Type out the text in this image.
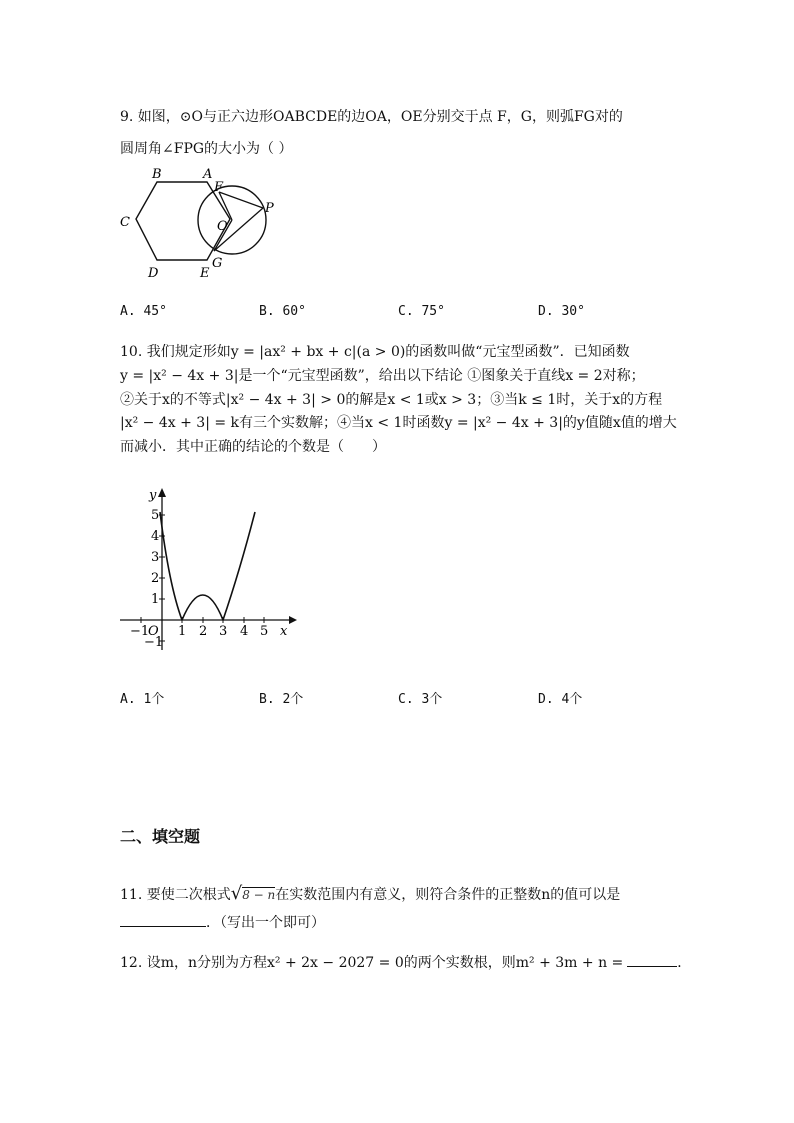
9. 如图，⊙O与正六边形OABCDE的边OA，OE分别交于点 F，G，则弧FG对的
圆周角∠FPG的大小为（ ）
B	A
F
P
C	O
D	E
G
A. 45°	B. 60°	C. 75°	D. 30°
10. 我们规定形如y = |ax² + bx + c|(a > 0)的函数叫做“元宝型函数”．已知函数
y = |x² − 4x + 3|是一个“元宝型函数”，给出以下结论 ①图象关于直线x = 2对称；
②关于x的不等式|x² − 4x + 3| > 0的解是x < 1或x > 3；③当k ≤ 1时，关于x的方程
|x² − 4x + 3| = k有三个实数解；④当x < 1时函数y = |x² − 4x + 3|的y值随x值的增大
而减小．其中正确的结论的个数是（　　）
y
x
O
5
4
3
2
1
−1
−1 1 2 3 4 5
A. 1个	B. 2个	C. 3个	D. 4个
二、填空题
11. 要使二次根式√8 − n在实数范围内有意义，则符合条件的正整数n的值可以是
．（写出一个即可）
12. 设m，n分别为方程x² + 2x − 2027 = 0的两个实数根，则m² + 3m + n =	．
